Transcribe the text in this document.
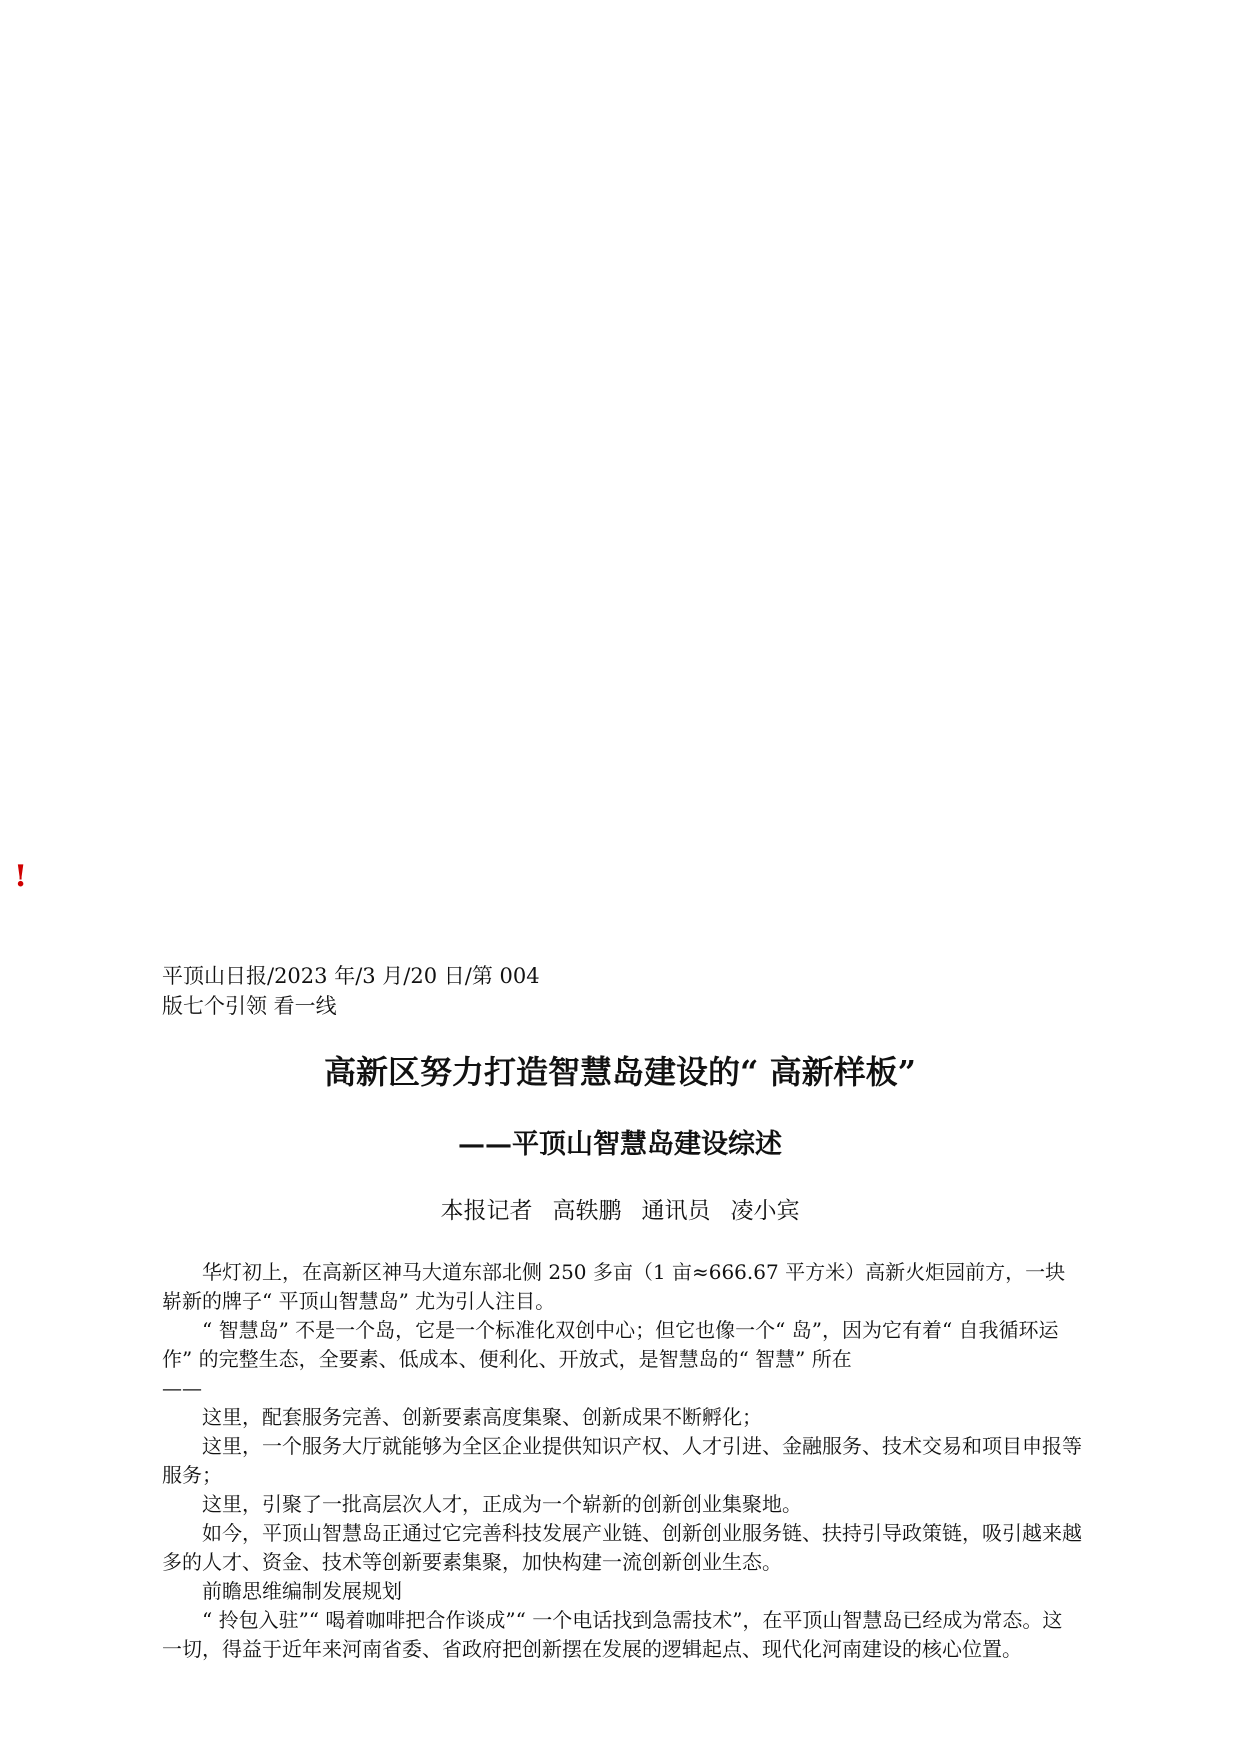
!
平顶山日报/2023 年/3 月/20 日/第 004
版七个引领 看一线
高新区努力打造智慧岛建设的“ 高新样板”
——平顶山智慧岛建设综述
本报记者 高轶鹏 通讯员 凌小宾

华灯初上，在高新区神马大道东部北侧 250 多亩（1 亩≈666.67 平方米）高新火炬园前方，一块崭新的牌子“ 平顶山智慧岛” 尤为引人注目。

“ 智慧岛” 不是一个岛，它是一个标准化双创中心；但它也像一个“ 岛”，因为它有着“ 自我循环运作” 的完整生态，全要素、低成本、便利化、开放式，是智慧岛的“ 智慧” 所在

——

这里，配套服务完善、创新要素高度集聚、创新成果不断孵化；

这里，一个服务大厅就能够为全区企业提供知识产权、人才引进、金融服务、技术交易和项目申报等服务；

这里，引聚了一批高层次人才，正成为一个崭新的创新创业集聚地。

如今，平顶山智慧岛正通过它完善科技发展产业链、创新创业服务链、扶持引导政策链，吸引越来越多的人才、资金、技术等创新要素集聚，加快构建一流创新创业生态。

前瞻思维编制发展规划

“ 拎包入驻”“ 喝着咖啡把合作谈成”“ 一个电话找到急需技术”，在平顶山智慧岛已经成为常态。这一切，得益于近年来河南省委、省政府把创新摆在发展的逻辑起点、现代化河南建设的核心位置。
